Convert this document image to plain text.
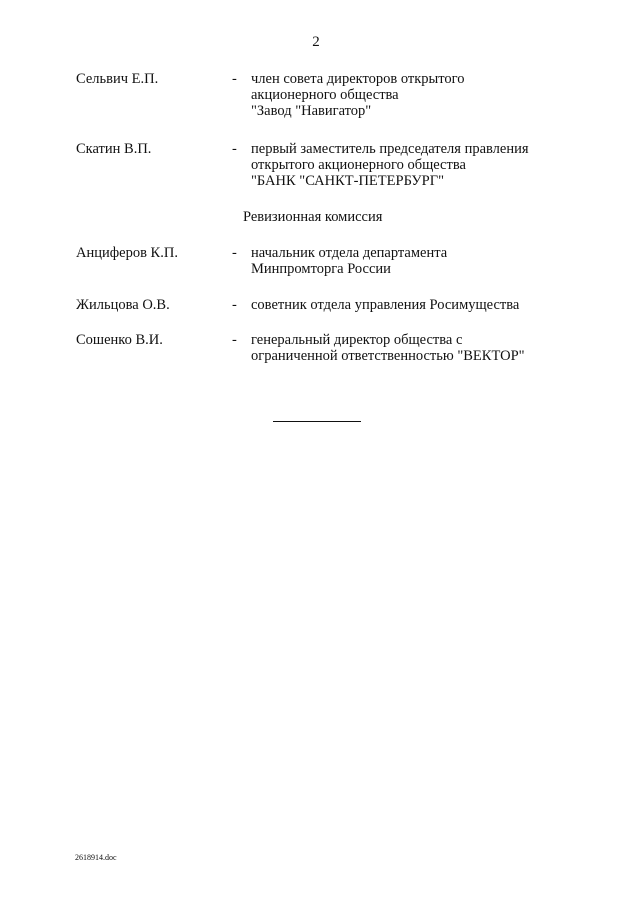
2
Сельвич Е.П.	- член совета директоров открытого
акционерного общества
"Завод "Навигатор"
Скатин В.П.	- первый заместитель председателя правления
открытого акционерного общества
"БАНК "САНКТ-ПЕТЕРБУРГ"
Ревизионная комиссия
Анциферов К.П.	- начальник отдела департамента
Минпромторга России
Жильцова О.В.	- советник отдела управления Росимущества
Сошенко В.И.	- генеральный директор общества с
ограниченной ответственностью "ВЕКТОР"
2618914.doc
